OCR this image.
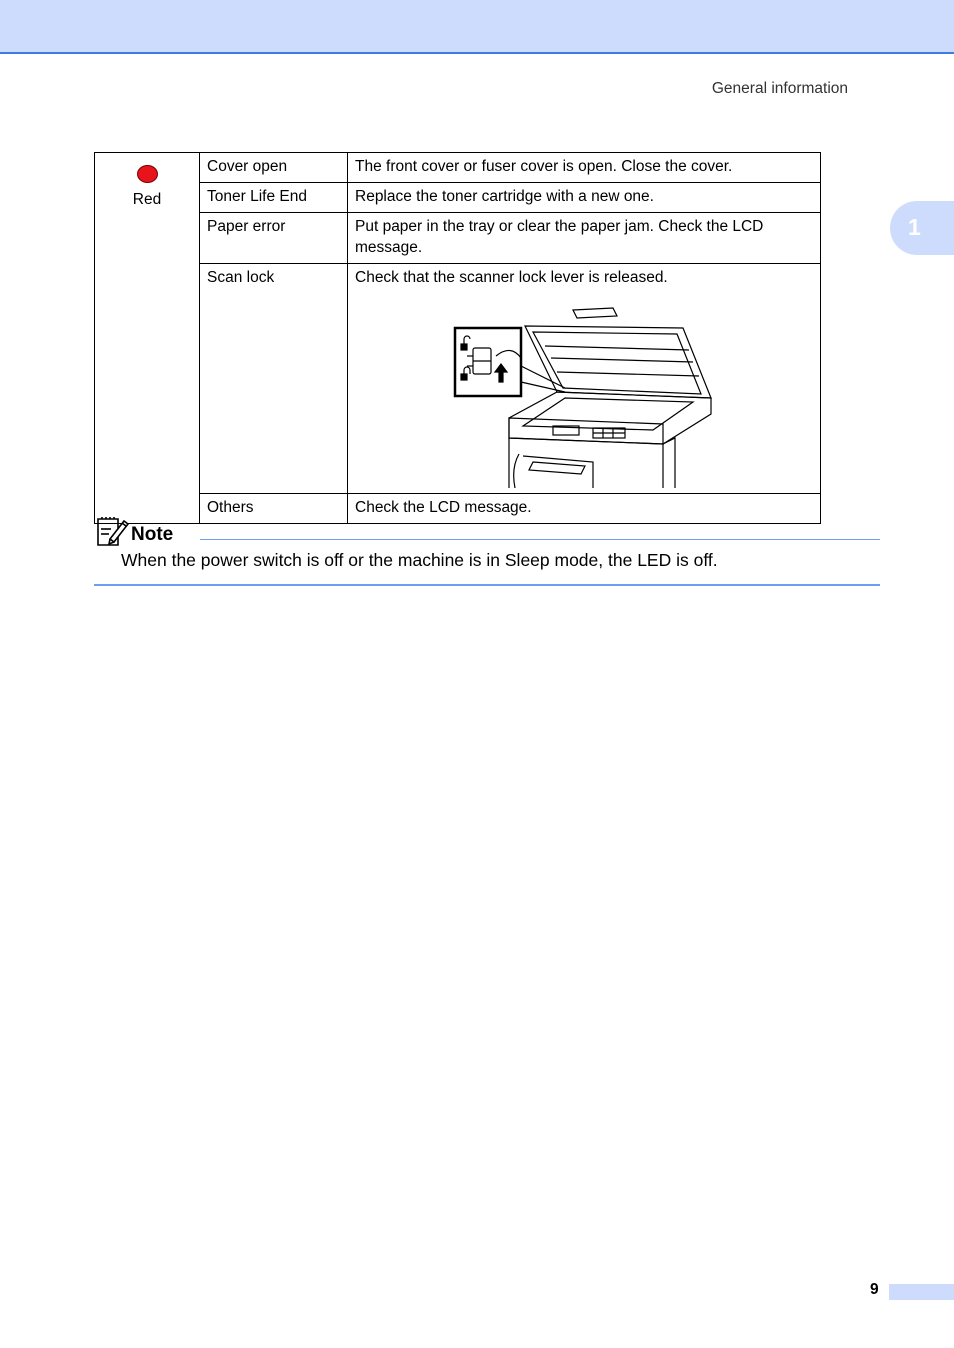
General information
1
Red	Cover open	The front cover or fuser cover is open. Close the cover.
	Toner Life End	Replace the toner cartridge with a new one.
	Paper error	Put paper in the tray or clear the paper jam. Check the LCD message.
	Scan lock	Check that the scanner lock lever is released.

	Others	Check the LCD message.
Note
When the power switch is off or the machine is in Sleep mode, the LED is off.
9
